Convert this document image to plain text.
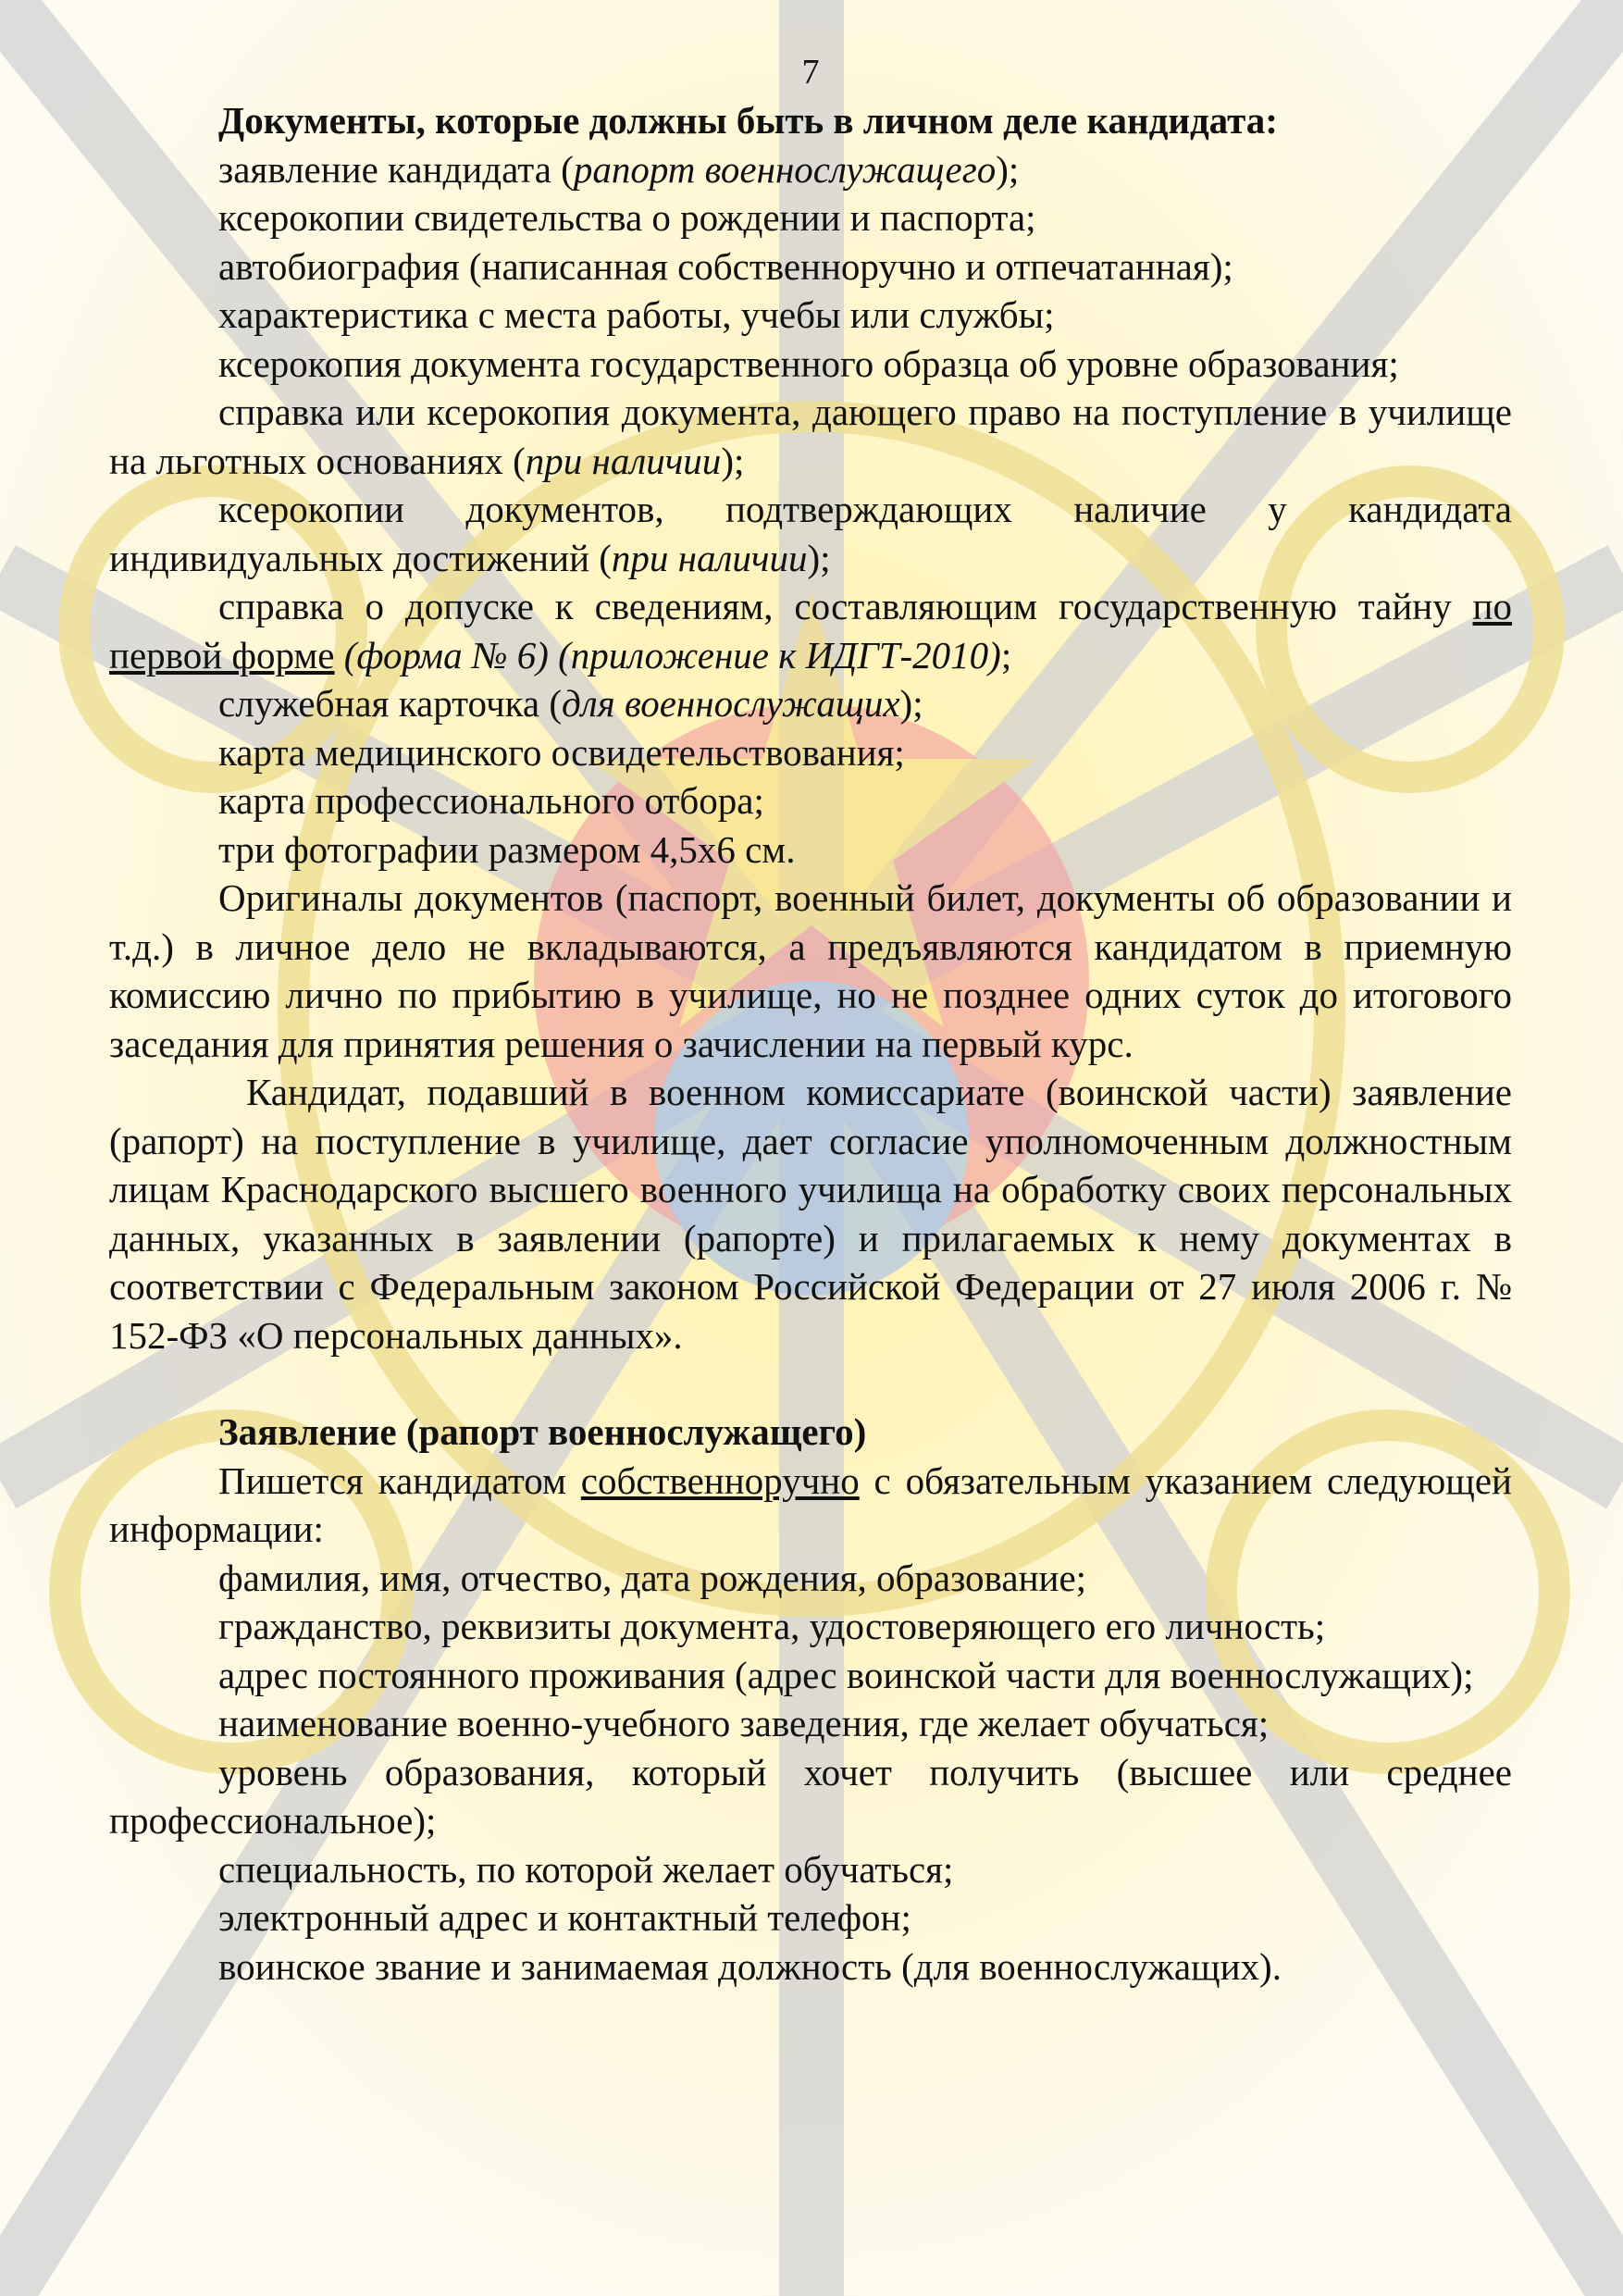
7

Документы, которые должны быть в личном деле кандидата:

заявление кандидата (рапорт военнослужащего);

ксерокопии свидетельства о рождении и паспорта;

автобиография (написанная собственноручно и отпечатанная);

характеристика с места работы, учебы или службы;

ксерокопия документа государственного образца об уровне образования;

справка или ксерокопия документа, дающего право на поступление в училище на льготных основаниях (при наличии);

ксерокопии документов, подтверждающих наличие у кандидата индивидуальных достижений (при наличии);

справка о допуске к сведениям, составляющим государственную тайну по первой форме (форма № 6) (приложение к ИДГТ-2010);

служебная карточка (для военнослужащих);

карта медицинского освидетельствования;

карта профессионального отбора;

три фотографии размером 4,5х6 см.

Оригиналы документов (паспорт, военный билет, документы об образовании и т.д.) в личное дело не вкладываются, а предъявляются кандидатом в приемную комиссию лично по прибытию в училище, но не позднее одних суток до итогового заседания для принятия решения о зачислении на первый курс.

Кандидат, подавший в военном комиссариате (воинской части) заявление (рапорт) на поступление в училище, дает согласие уполномоченным должностным лицам Краснодарского высшего военного училища на обработку своих персональных данных, указанных в заявлении (рапорте) и прилагаемых к нему документах в соответствии с Федеральным законом Российской Федерации от 27 июля 2006 г. № 152-ФЗ «О персональных данных».

Заявление (рапорт военнослужащего)

Пишется кандидатом собственноручно с обязательным указанием следующей информации:

фамилия, имя, отчество, дата рождения, образование;

гражданство, реквизиты документа, удостоверяющего его личность;

адрес постоянного проживания (адрес воинской части для военнослужащих);

наименование военно-учебного заведения, где желает обучаться;

уровень образования, который хочет получить (высшее или среднее профессиональное);

специальность, по которой желает обучаться;

электронный адрес и контактный телефон;

воинское звание и занимаемая должность (для военнослужащих).
